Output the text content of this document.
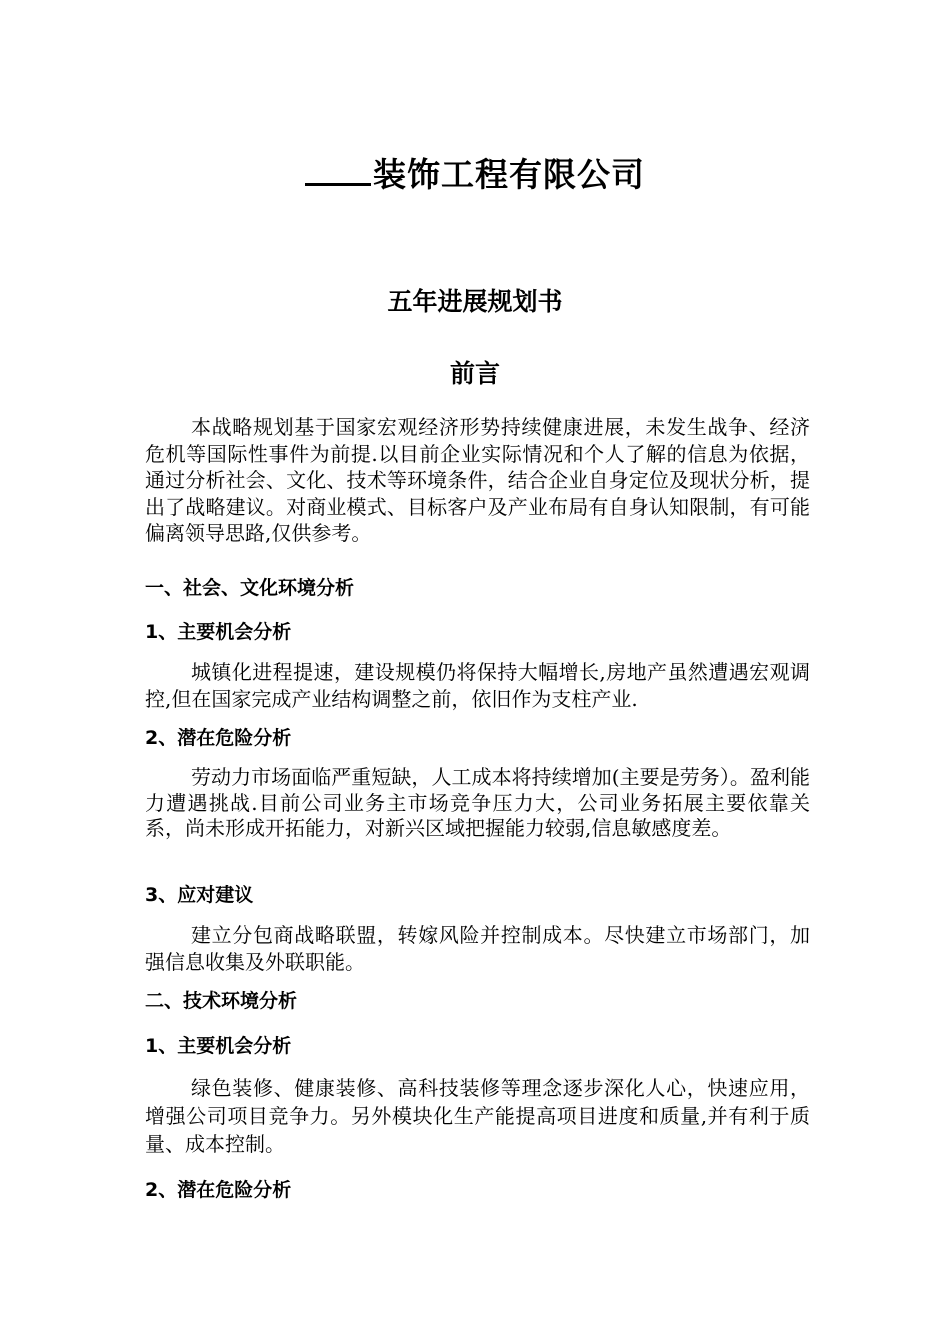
装饰工程有限公司
五年进展规划书
前言

本战略规划基于国家宏观经济形势持续健康进展，未发生战争、经济危机等国际性事件为前提.以目前企业实际情况和个人了解的信息为依据，通过分析社会、文化、技术等环境条件，结合企业自身定位及现状分析，提出了战略建议。对商业模式、目标客户及产业布局有自身认知限制，有可能偏离领导思路,仅供参考。

一、社会、文化环境分析

1、主要机会分析

城镇化进程提速，建设规模仍将保持大幅增长,房地产虽然遭遇宏观调控,但在国家完成产业结构调整之前，依旧作为支柱产业.

2、潜在危险分析

劳动力市场面临严重短缺，人工成本将持续增加(主要是劳务）。盈利能力遭遇挑战.目前公司业务主市场竞争压力大，公司业务拓展主要依靠关系，尚未形成开拓能力，对新兴区域把握能力较弱,信息敏感度差。

3、应对建议

建立分包商战略联盟，转嫁风险并控制成本。尽快建立市场部门，加强信息收集及外联职能。

二、技术环境分析

1、主要机会分析

绿色装修、健康装修、高科技装修等理念逐步深化人心，快速应用，增强公司项目竞争力。另外模块化生产能提高项目进度和质量,并有利于质量、成本控制。

2、潜在危险分析
